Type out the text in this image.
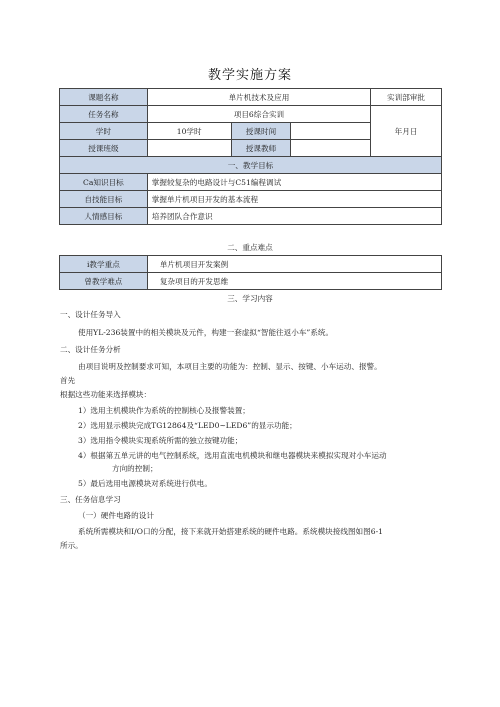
教学实施方案
课题名称	单片机技术及应用			实训部审批
任务名称	项目6综合实训			年月日
学时	10学时	授课时间		
授课班级		授课教师		
一、教学目标				
Ca知识目标	掌握较复杂的电路设计与C51编程调试			
自技能目标	掌握单片机项目开发的基本流程			
人情感目标	培养团队合作意识			
二、重点难点
i教学重点	单片机项目开发案例
曾教学难点	复杂项目的开发思维
三、学习内容
一、设计任务导入
使用YL-236装置中的相关模块及元件，构建一套虚拟“智能往返小车”系统。
二、设计任务分析
由项目说明及控制要求可知，本项目主要的功能为：控制、显示、按键、小车运动、报警。
首先
根据这些功能来选择模块：
1）选用主机模块作为系统的控制核心及报警装置；
2）选用显示模块完成TG12864及“LED0~LED6”的显示功能；
3）选用指令模块实现系统所需的独立按键功能；
4）根据第五单元讲的电气控制系统，选用直流电机模块和继电器模块来模拟实现对小车运动
方向的控制；
5）最后选用电源模块对系统进行供电。
三、任务信息学习
（一）硬件电路的设计
系统所需模块和I/O口的分配，接下来就开始搭建系统的硬件电路。系统模块接线图如图6-1
所示。
